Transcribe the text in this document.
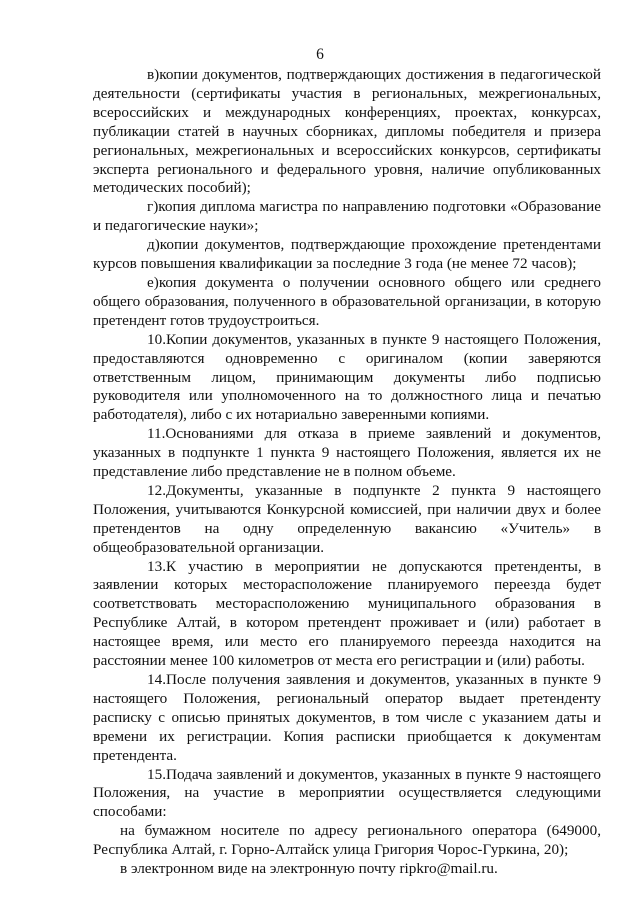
6

в)копии документов, подтверждающих достижения в педагогической деятельности (сертификаты участия в региональных, межрегиональных, всероссийских и международных конференциях, проектах, конкурсах, публикации статей в научных сборниках, дипломы победителя и призера региональных, межрегиональных и всероссийских конкурсов, сертификаты эксперта регионального и федерального уровня, наличие опубликованных методических пособий);

г)копия диплома магистра по направлению подготовки «Образование и педагогические науки»;

д)копии документов, подтверждающие прохождение претендентами курсов повышения квалификации за последние 3 года (не менее 72 часов);

е)копия документа о получении основного общего или среднего общего образования, полученного в образовательной организации, в которую претендент готов трудоустроиться.

10.Копии документов, указанных в пункте 9 настоящего Положения, предоставляются одновременно с оригиналом (копии заверяются ответственным лицом, принимающим документы либо подписью руководителя или уполномоченного на то должностного лица и печатью работодателя), либо с их нотариально заверенными копиями.

11.Основаниями для отказа в приеме заявлений и документов, указанных в подпункте 1 пункта 9 настоящего Положения, является их не представление либо представление не в полном объеме.

12.Документы, указанные в подпункте 2 пункта 9 настоящего Положения, учитываются Конкурсной комиссией, при наличии двух и более претендентов на одну определенную вакансию «Учитель» в общеобразовательной организации.

13.К участию в мероприятии не допускаются претенденты, в заявлении которых месторасположение планируемого переезда будет соответствовать месторасположению муниципального образования в Республике Алтай, в котором претендент проживает и (или) работает в настоящее время, или место его планируемого переезда находится на расстоянии менее 100 километров от места его регистрации и (или) работы.

14.После получения заявления и документов, указанных в пункте 9 настоящего Положения, региональный оператор выдает претенденту расписку с описью принятых документов, в том числе с указанием даты и времени их регистрации. Копия расписки приобщается к документам претендента.

15.Подача заявлений и документов, указанных в пункте 9 настоящего Положения, на участие в мероприятии осуществляется следующими способами:

на бумажном носителе по адресу регионального оператора (649000, Республика Алтай, г. Горно-Алтайск улица Григория Чорос-Гуркина, 20);

в электронном виде на электронную почту ripkro@mail.ru.
